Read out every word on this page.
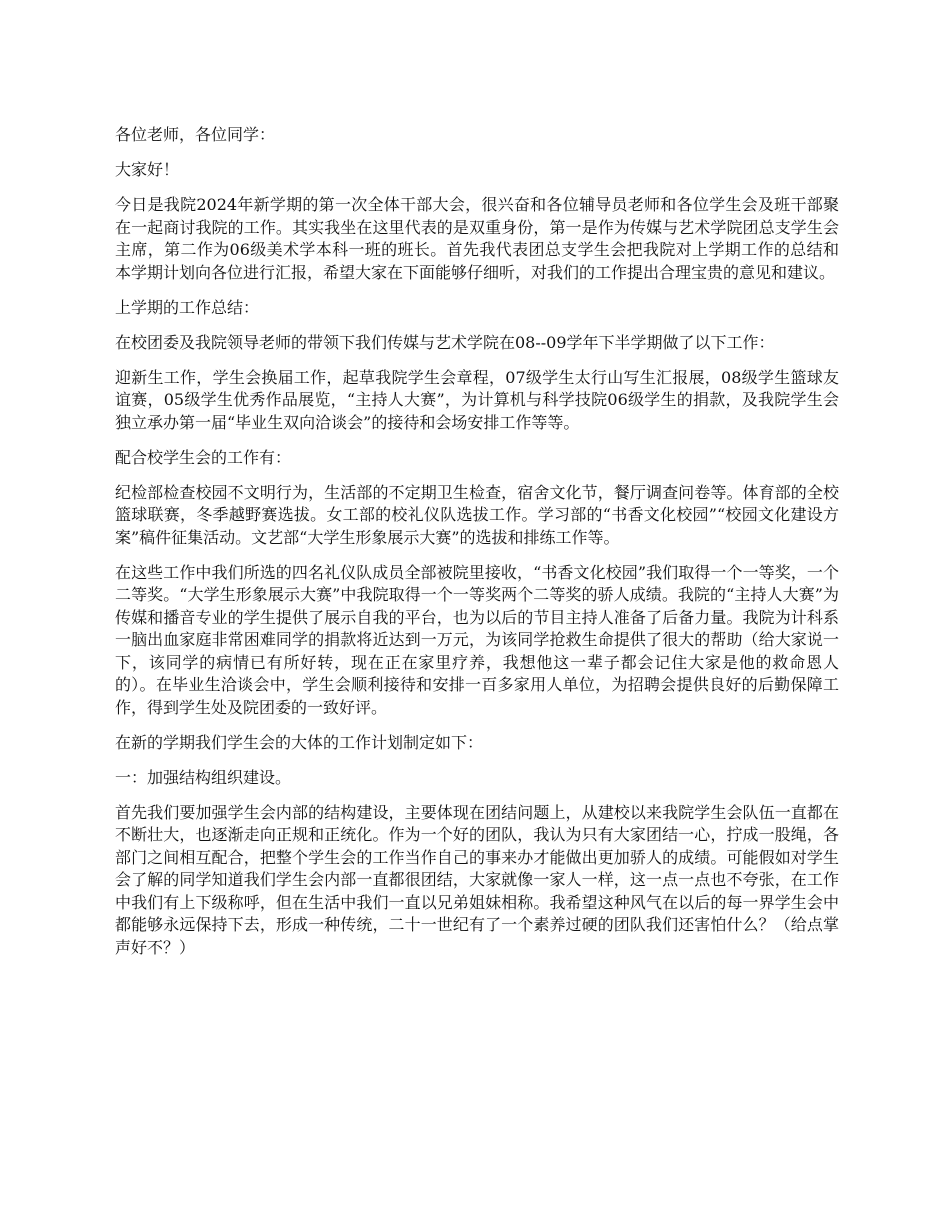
各位老师，各位同学：

大家好！

今日是我院2024年新学期的第一次全体干部大会，很兴奋和各位辅导员老师和各位学生会及班干部聚在一起商讨我院的工作。其实我坐在这里代表的是双重身份，第一是作为传媒与艺术学院团总支学生会主席，第二作为06级美术学本科一班的班长。首先我代表团总支学生会把我院对上学期工作的总结和本学期计划向各位进行汇报，希望大家在下面能够仔细听，对我们的工作提出合理宝贵的意见和建议。

上学期的工作总结：

在校团委及我院领导老师的带领下我们传媒与艺术学院在08--09学年下半学期做了以下工作：

迎新生工作，学生会换届工作，起草我院学生会章程，07级学生太行山写生汇报展，08级学生篮球友谊赛，05级学生优秀作品展览，“主持人大赛”，为计算机与科学技院06级学生的捐款，及我院学生会独立承办第一届“毕业生双向洽谈会”的接待和会场安排工作等等。

配合校学生会的工作有：

纪检部检查校园不文明行为，生活部的不定期卫生检查，宿舍文化节，餐厅调查问卷等。体育部的全校篮球联赛，冬季越野赛选拔。女工部的校礼仪队选拔工作。学习部的“书香文化校园”“校园文化建设方案”稿件征集活动。文艺部“大学生形象展示大赛”的选拔和排练工作等。

在这些工作中我们所选的四名礼仪队成员全部被院里接收，“书香文化校园”我们取得一个一等奖，一个二等奖。“大学生形象展示大赛”中我院取得一个一等奖两个二等奖的骄人成绩。我院的“主持人大赛”为传媒和播音专业的学生提供了展示自我的平台，也为以后的节目主持人准备了后备力量。我院为计科系一脑出血家庭非常困难同学的捐款将近达到一万元，为该同学抢救生命提供了很大的帮助（给大家说一下，该同学的病情已有所好转，现在正在家里疗养，我想他这一辈子都会记住大家是他的救命恩人的）。在毕业生洽谈会中，学生会顺利接待和安排一百多家用人单位，为招聘会提供良好的后勤保障工作，得到学生处及院团委的一致好评。

在新的学期我们学生会的大体的工作计划制定如下：

一：加强结构组织建设。

首先我们要加强学生会内部的结构建设，主要体现在团结问题上，从建校以来我院学生会队伍一直都在不断壮大，也逐渐走向正规和正统化。作为一个好的团队，我认为只有大家团结一心，拧成一股绳，各部门之间相互配合，把整个学生会的工作当作自己的事来办才能做出更加骄人的成绩。可能假如对学生会了解的同学知道我们学生会内部一直都很团结，大家就像一家人一样，这一点一点也不夸张，在工作中我们有上下级称呼，但在生活中我们一直以兄弟姐妹相称。我希望这种风气在以后的每一界学生会中都能够永远保持下去，形成一种传统，二十一世纪有了一个素养过硬的团队我们还害怕什么？（给点掌声好不？）
